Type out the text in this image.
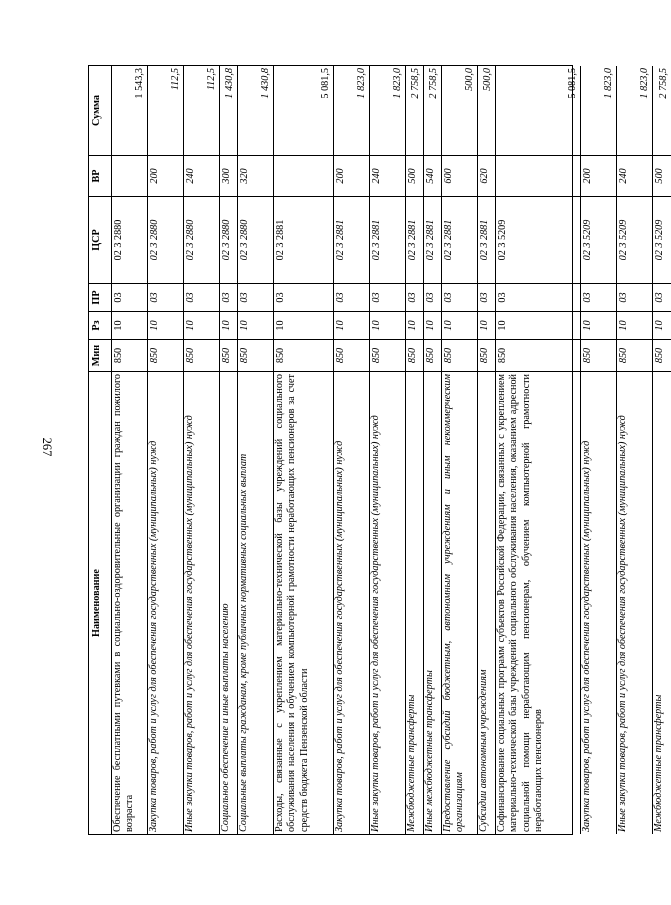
267
Наименование
Мин
Рз
ПР
ЦСР
ВР
Сумма
Обеспечение бесплатными путевками в социально-оздоровительные организации граждан пожилого возраста
850
10
03
02 3 2880
1 543,3
Закупка товаров, работ и услуг для обеспечения государственных (муниципальных) нужд
850
10
03
02 3 2880
200
112,5
Иные закупки товаров, работ и услуг для обеспечения государственных (муниципальных) нужд
850
10
03
02 3 2880
240
112,5
Социальное обеспечение и иные выплаты населению
850
10
03
02 3 2880
300
1 430,8
Социальные выплаты гражданам, кроме публичных нормативных социальных выплат
850
10
03
02 3 2880
320
1 430,8
Расходы, связанные с укреплением материально-технической базы учреждений социального обслуживания населения и обучением компьютерной грамотности неработающих пенсионеров за счет средств бюджета Пензенской области
850
10
03
02 3 2881
5 081,5
Закупка товаров, работ и услуг для обеспечения государственных (муниципальных) нужд
850
10
03
02 3 2881
200
1 823,0
Иные закупки товаров, работ и услуг для обеспечения государственных (муниципальных) нужд
850
10
03
02 3 2881
240
1 823,0
Межбюджетные трансферты
850
10
03
02 3 2881
500
2 758,5
Иные межбюджетные трансферты
850
10
03
02 3 2881
540
2 758,5
Предоставление субсидий бюджетным, автономным учреждениям и иным некоммерческим организациям
850
10
03
02 3 2881
600
500,0
Субсидии автономным учреждениям
850
10
03
02 3 2881
620
500,0
Софинансирование социальных программ субъектов Российской Федерации, связанных с укреплением материально-технической базы учреждений социального обслуживания населения, оказанием адресной социальной помощи неработающим пенсионерам, обучением компьютерной грамотности неработающих пенсионеров
850
10
03
02 3 5209
5 081,5
Закупка товаров, работ и услуг для обеспечения государственных (муниципальных) нужд
850
10
03
02 3 5209
200
1 823,0
Иные закупки товаров, работ и услуг для обеспечения государственных (муниципальных) нужд
850
10
03
02 3 5209
240
1 823,0
Межбюджетные трансферты
850
10
03
02 3 5209
500
2 758,5
